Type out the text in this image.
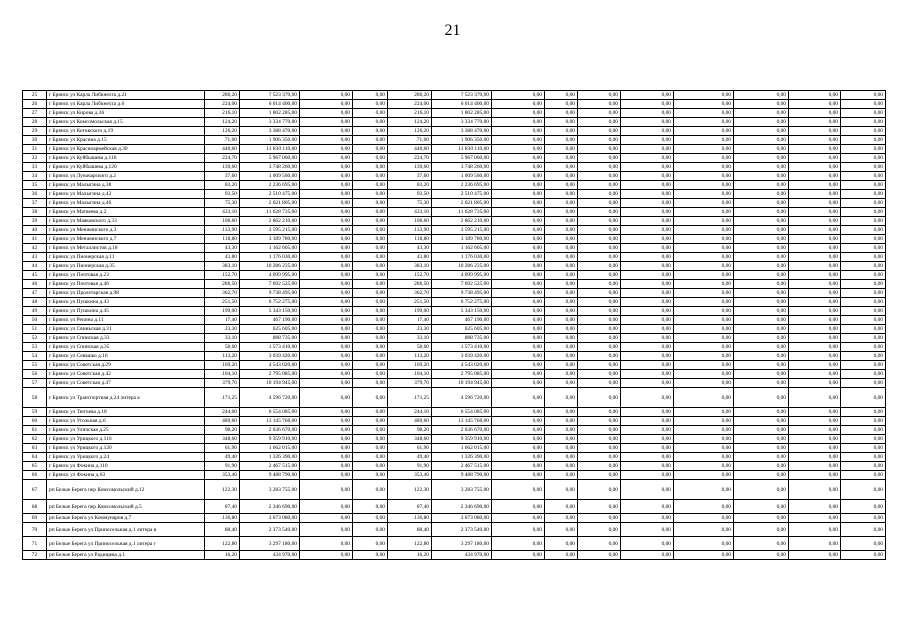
21
25	г Брянск ул Карла Либкнехта д.21	280,20	7 523 370,00	0,00	0,00	280,20	7 523 370,00	0,00	0,00	0,00	0,00	0,00	0,00	0,00	0,00
26	г Брянск ул Карла Либкнехта д.6	224,00	6 014 400,00	0,00	0,00	224,00	6 014 400,00	0,00	0,00	0,00	0,00	0,00	0,00	0,00	0,00
27	г Брянск ул Кирова д.36	216,10	1 802 285,00	0,00	0,00	216,10	1 802 285,00	0,00	0,00	0,00	0,00	0,00	0,00	0,00	0,00
28	г Брянск ул Комсомольская д.15	124,20	3 334 770,00	0,00	0,00	124,20	3 334 770,00	0,00	0,00	0,00	0,00	0,00	0,00	0,00	0,00
29	г Брянск ул Котовского д.19	126,20	3 388 470,00	0,00	0,00	126,20	3 388 470,00	0,00	0,00	0,00	0,00	0,00	0,00	0,00	0,00
30	г Брянск ул Красина д.15	71,00	1 906 350,00	0,00	0,00	71,00	1 906 350,00	0,00	0,00	0,00	0,00	0,00	0,00	0,00	0,00
31	г Брянск ул Красноармейская д.30	440,60	11 830 110,00	0,00	0,00	440,60	11 830 110,00	0,00	0,00	0,00	0,00	0,00	0,00	0,00	0,00
32	г Брянск ул Куйбышева д.116	224,70	5 967 060,00	0,00	0,00	224,70	5 967 060,00	0,00	0,00	0,00	0,00	0,00	0,00	0,00	0,00
33	г Брянск ул Куйбышева д.120	139,60	3 748 260,00	0,00	0,00	139,60	3 748 260,00	0,00	0,00	0,00	0,00	0,00	0,00	0,00	0,00
34	г Брянск ул Луначарского д.2	37,60	1 009 560,00	0,00	0,00	37,60	1 009 560,00	0,00	0,00	0,00	0,00	0,00	0,00	0,00	0,00
35	г Брянск ул Малыгина д.38	83,20	2 236 695,00	0,00	0,00	83,20	2 236 695,00	0,00	0,00	0,00	0,00	0,00	0,00	0,00	0,00
36	г Брянск ул Малыгина д.42	93,50	2 510 475,00	0,00	0,00	93,50	2 510 475,00	0,00	0,00	0,00	0,00	0,00	0,00	0,00	0,00
37	г Брянск ул Малыгина д.46	75,30	2 021 805,00	0,00	0,00	75,30	2 021 805,00	0,00	0,00	0,00	0,00	0,00	0,00	0,00	0,00
38	г Брянск ул Матвеева д.2	433,10	11 628 735,00	0,00	0,00	433,10	11 628 735,00	0,00	0,00	0,00	0,00	0,00	0,00	0,00	0,00
39	г Брянск ул Маяковского д.33	106,60	2 862 210,00	0,00	0,00	106,60	2 862 210,00	0,00	0,00	0,00	0,00	0,00	0,00	0,00	0,00
40	г Брянск ул Менжинского д.3	133,90	3 595 215,00	0,00	0,00	133,90	3 595 215,00	0,00	0,00	0,00	0,00	0,00	0,00	0,00	0,00
41	г Брянск ул Менжинского д.7	118,80	3 189 780,00	0,00	0,00	118,80	3 189 780,00	0,00	0,00	0,00	0,00	0,00	0,00	0,00	0,00
42	г Брянск ул Металлистов д.18	43,30	1 162 605,00	0,00	0,00	43,30	1 162 605,00	0,00	0,00	0,00	0,00	0,00	0,00	0,00	0,00
43	г Брянск ул Пионерская д.11	43,80	1 176 030,00	0,00	0,00	43,80	1 176 030,00	0,00	0,00	0,00	0,00	0,00	0,00	0,00	0,00
44	г Брянск ул Пионерская д.35	383,10	10 286 235,00	0,00	0,00	383,10	10 286 235,00	0,00	0,00	0,00	0,00	0,00	0,00	0,00	0,00
45	г Брянск ул Почтовая д.23	152,70	4 099 995,00	0,00	0,00	152,70	4 099 995,00	0,00	0,00	0,00	0,00	0,00	0,00	0,00	0,00
46	г Брянск ул Почтовая д.46	286,50	7 692 525,00	0,00	0,00	286,50	7 692 525,00	0,00	0,00	0,00	0,00	0,00	0,00	0,00	0,00
47	г Брянск ул Пролетарская д.98	362,70	9 738 495,00	0,00	0,00	362,70	9 738 495,00	0,00	0,00	0,00	0,00	0,00	0,00	0,00	0,00
48	г Брянск ул Пушкина д.43	251,50	6 752 275,00	0,00	0,00	251,50	6 752 275,00	0,00	0,00	0,00	0,00	0,00	0,00	0,00	0,00
49	г Брянск ул Пушкина д.45	199,00	5 343 150,00	0,00	0,00	199,00	5 343 150,00	0,00	0,00	0,00	0,00	0,00	0,00	0,00	0,00
50	г Брянск ул Репина д.11	17,40	467 190,00	0,00	0,00	17,40	467 190,00	0,00	0,00	0,00	0,00	0,00	0,00	0,00	0,00
51	г Брянск ул Свиньская д.31	23,30	625 605,00	0,00	0,00	23,30	625 605,00	0,00	0,00	0,00	0,00	0,00	0,00	0,00	0,00
52	г Брянск ул Спинская д.33	33,10	888 735,00	0,00	0,00	33,10	888 735,00	0,00	0,00	0,00	0,00	0,00	0,00	0,00	0,00
53	г Брянск ул Спинская д.35	58,60	1 573 410,00	0,00	0,00	58,60	1 573 410,00	0,00	0,00	0,00	0,00	0,00	0,00	0,00	0,00
54	г Брянск ул Севашко д.16	113,20	3 039 420,00	0,00	0,00	113,20	3 039 420,00	0,00	0,00	0,00	0,00	0,00	0,00	0,00	0,00
55	г Брянск ул Советская д.29	169,20	4 543 020,00	0,00	0,00	169,20	4 543 020,00	0,00	0,00	0,00	0,00	0,00	0,00	0,00	0,00
56	г Брянск ул Советская д.42	104,10	2 795 085,00	0,00	0,00	104,10	2 795 085,00	0,00	0,00	0,00	0,00	0,00	0,00	0,00	0,00
57	г Брянск ул Советская д.47	379,70	10 194 945,00	0,00	0,00	379,70	10 194 945,00	0,00	0,00	0,00	0,00	0,00	0,00	0,00	0,00
58	г Брянск ул Транспортная д.24 литера а	171,25	4 596 720,00	0,00	0,00	171,25	4 596 720,00	0,00	0,00	0,00	0,00	0,00	0,00	0,00	0,00
59	г Брянск ул Тютчева д.18	244,00	6 554 085,00	0,00	0,00	244,10	6 554 085,00	0,00	0,00	0,00	0,00	0,00	0,00	0,00	0,00
60	г Брянск ул Угольная д.6	489,60	13 145 760,00	0,00	0,00	489,60	13 145 760,00	0,00	0,00	0,00	0,00	0,00	0,00	0,00	0,00
61	г Брянск ул Уличская д.25	98,20	2 636 670,00	0,00	0,00	98,20	2 636 670,00	0,00	0,00	0,00	0,00	0,00	0,00	0,00	0,00
62	г Брянск ул Урицкого д.116	348,60	9 359 910,00	0,00	0,00	348,60	9 359 910,00	0,00	0,00	0,00	0,00	0,00	0,00	0,00	0,00
63	г Брянск ул Урицкого д.120	61,90	1 662 015,00	0,00	0,00	61,90	1 662 015,00	0,00	0,00	0,00	0,00	0,00	0,00	0,00	0,00
64	г Брянск ул Урицкого д.24	49,40	1 326 390,00	0,00	0,00	49,40	1 326 390,00	0,00	0,00	0,00	0,00	0,00	0,00	0,00	0,00
65	г Брянск ул Фокина д.110	91,90	2 467 515,00	0,00	0,00	91,90	2 467 515,00	0,00	0,00	0,00	0,00	0,00	0,00	0,00	0,00
66	г Брянск ул Фокина д.63	353,40	9 488 790,00	0,00	0,00	353,40	9 488 790,00	0,00	0,00	0,00	0,00	0,00	0,00	0,00	0,00
67	рп Белые Берега пер Комсомольский д.12	122,30	3 283 755,00	0,00	0,00	122,30	3 283 755,00	0,00	0,00	0,00	0,00	0,00	0,00	0,00	0,00
68	рп Белые Берега пер Комсомольский д.5	87,40	2 346 690,00	0,00	0,00	87,40	2 346 690,00	0,00	0,00	0,00	0,00	0,00	0,00	0,00	0,00
69	рп Белые Берега ул Коммунаров д.7	136,80	3 673 080,00	0,00	0,00	136,80	3 673 080,00	0,00	0,00	0,00	0,00	0,00	0,00	0,00	0,00
70	рп Белые Берега ул Приносельная д.1 литера в	88,40	2 373 540,00	0,00	0,00	88,40	2 373 540,00	0,00	0,00	0,00	0,00	0,00	0,00	0,00	0,00
71	рп Белые Берега ул Приносельная д.1 литера г	122,80	3 297 180,00	0,00	0,00	122,80	3 297 180,00	0,00	0,00	0,00	0,00	0,00	0,00	0,00	0,00
72	рп Белые Берега ул Радищева д.1	16,20	434 970,00	0,00	0,00	16,20	434 970,00	0,00	0,00	0,00	0,00	0,00	0,00	0,00	0,00
